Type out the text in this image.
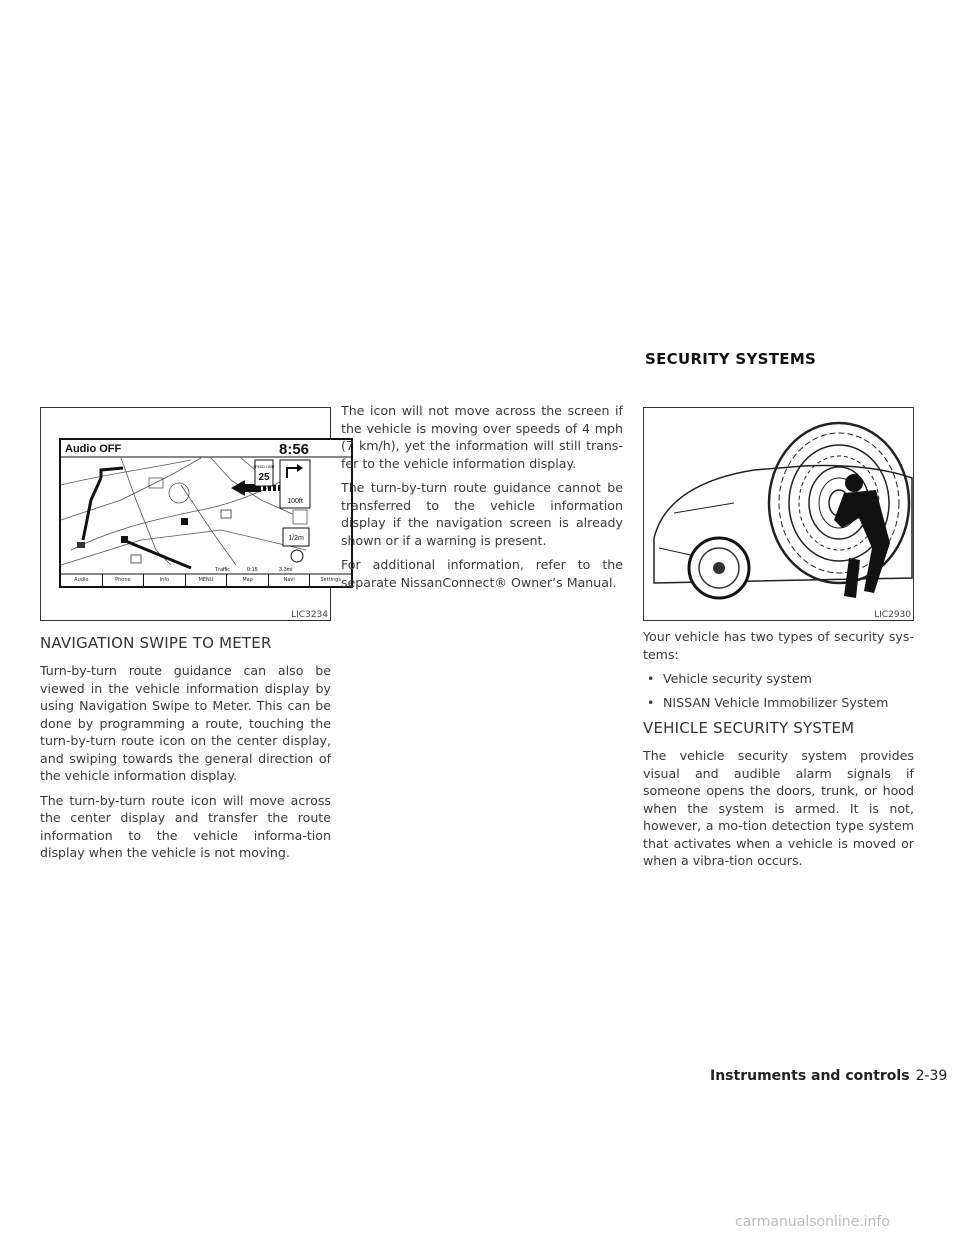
SECURITY SYSTEMS
Audio OFF	8:56
SPEED LIMIT
25
100ft
1/2m
Traffic	0:15	3.3mi
Audio	Phone	Info	MENU	Map	Navi	Settings
LIC3234	LIC2930
NAVIGATION SWIPE TO METER

Turn-by-turn route guidance can also be viewed in the vehicle information display by using Navigation Swipe to Meter. This can be done by programming a route, touching the turn-by-turn route icon on the center display, and swiping towards the general direction of the vehicle information display.

The turn-by-turn route icon will move across the center display and transfer the route information to the vehicle informa-tion display when the vehicle is not moving.

The icon will not move across the screen if the vehicle is moving over speeds of 4 mph (7 km/h), yet the information will still trans-fer to the vehicle information display.

The turn-by-turn route guidance cannot be transferred to the vehicle information display if the navigation screen is already shown or if a warning is present.

For additional information, refer to the separate NissanConnect® Owner’s Manual.

Your vehicle has two types of security sys-tems:

• Vehicle security system
• NISSAN Vehicle Immobilizer System
VEHICLE SECURITY SYSTEM

The vehicle security system provides visual and audible alarm signals if someone opens the doors, trunk, or hood when the system is armed. It is not, however, a mo-tion detection type system that activates when a vehicle is moved or when a vibra-tion occurs.

Instruments and controls 2-39
carmanualsonline.info
